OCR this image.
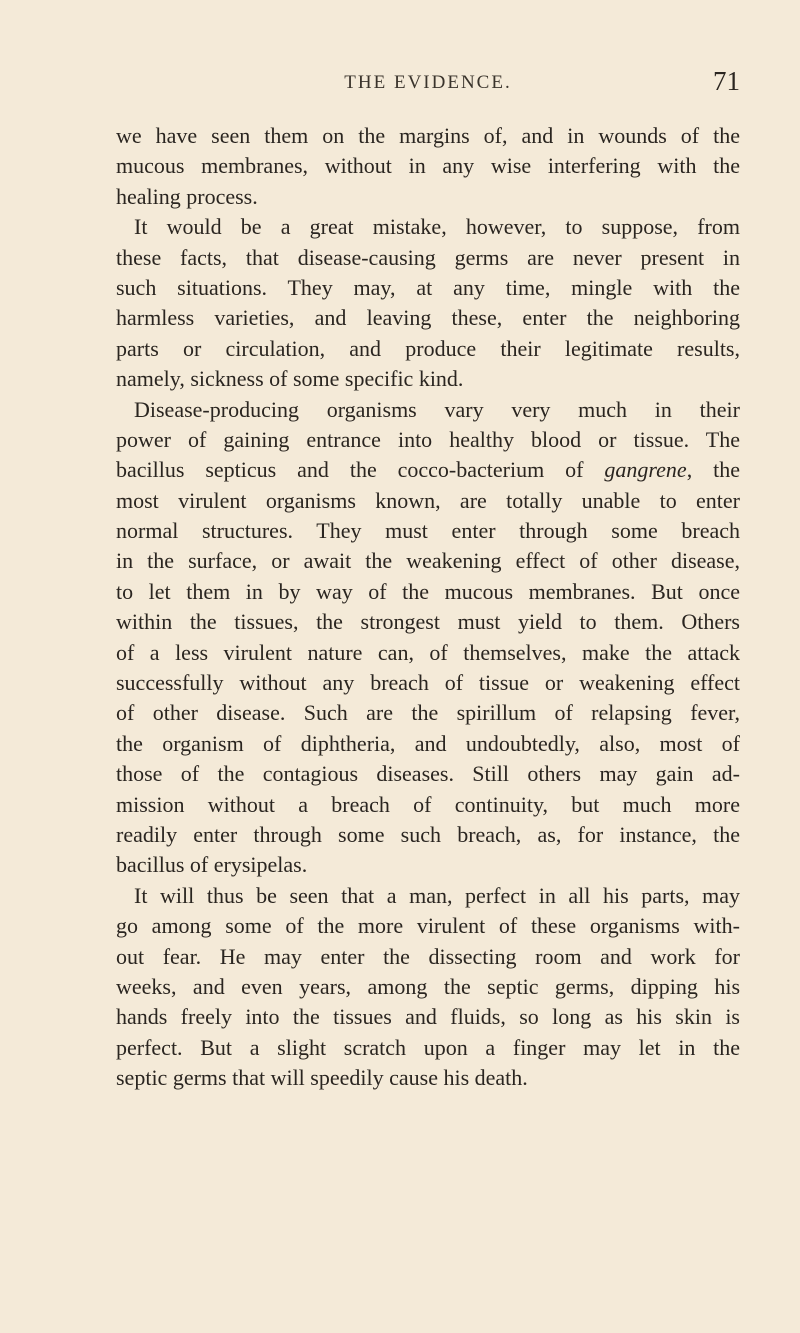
THE EVIDENCE.	71
we have seen them on the margins of, and in wounds of the
mucous membranes, without in any wise interfering with the
healing process.
It would be a great mistake, however, to suppose, from
these facts, that disease-causing germs are never present in
such situations. They may, at any time, mingle with the
harmless varieties, and leaving these, enter the neighboring
parts or circulation, and produce their legitimate results,
namely, sickness of some specific kind.
Disease-producing organisms vary very much in their
power of gaining entrance into healthy blood or tissue. The
bacillus septicus and the cocco-bacterium of gangrene, the
most virulent organisms known, are totally unable to enter
normal structures. They must enter through some breach
in the surface, or await the weakening effect of other disease,
to let them in by way of the mucous membranes. But once
within the tissues, the strongest must yield to them. Others
of a less virulent nature can, of themselves, make the attack
successfully without any breach of tissue or weakening effect
of other disease. Such are the spirillum of relapsing fever,
the organism of diphtheria, and undoubtedly, also, most of
those of the contagious diseases. Still others may gain ad-
mission without a breach of continuity, but much more
readily enter through some such breach, as, for instance, the
bacillus of erysipelas.
It will thus be seen that a man, perfect in all his parts, may
go among some of the more virulent of these organisms with-
out fear. He may enter the dissecting room and work for
weeks, and even years, among the septic germs, dipping his
hands freely into the tissues and fluids, so long as his skin is
perfect. But a slight scratch upon a finger may let in the
septic germs that will speedily cause his death.
